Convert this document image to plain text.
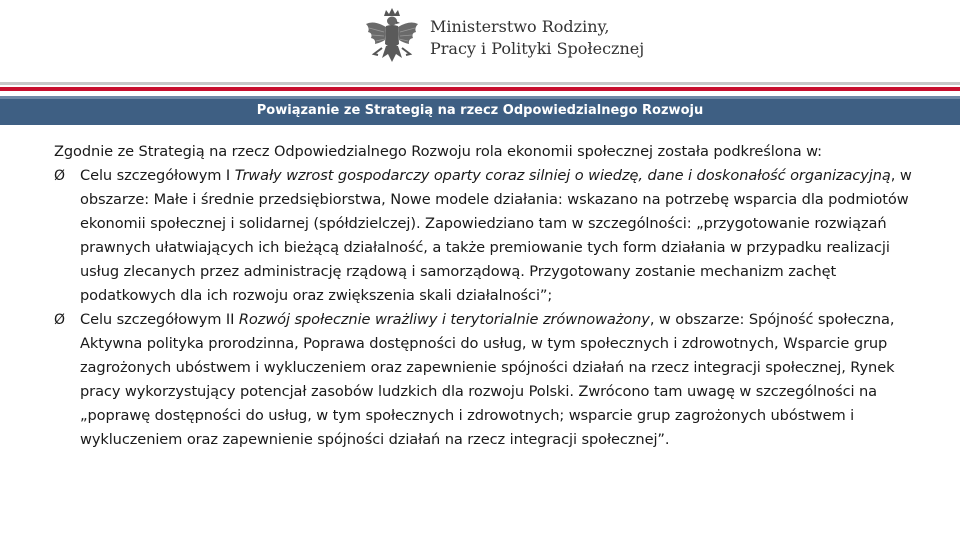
Ministerstwo Rodziny,
Pracy i Polityki Społecznej
Powiązanie ze Strategią na rzecz Odpowiedzialnego Rozwoju

Zgodnie ze Strategią na rzecz Odpowiedzialnego Rozwoju rola ekonomii społecznej została podkreślona w:

Ø Celu szczegółowym I Trwały wzrost gospodarczy oparty coraz silniej o wiedzę, dane i doskonałość organizacyjną, w obszarze: Małe i średnie przedsiębiorstwa, Nowe modele działania: wskazano na potrzebę wsparcia dla podmiotów ekonomii społecznej i solidarnej (spółdzielczej). Zapowiedziano tam w szczególności: „przygotowanie rozwiązań prawnych ułatwiających ich bieżącą działalność, a także premiowanie tych form działania w przypadku realizacji usług zlecanych przez administrację rządową i samorządową. Przygotowany zostanie mechanizm zachęt podatkowych dla ich rozwoju oraz zwiększenia skali działalności”;
Ø Celu szczegółowym II Rozwój społecznie wrażliwy i terytorialnie zrównoważony, w obszarze: Spójność społeczna, Aktywna polityka prorodzinna, Poprawa dostępności do usług, w tym społecznych i zdrowotnych, Wsparcie grup zagrożonych ubóstwem i wykluczeniem oraz zapewnienie spójności działań na rzecz integracji społecznej, Rynek pracy wykorzystujący potencjał zasobów ludzkich dla rozwoju Polski. Zwrócono tam uwagę w szczególności na „poprawę dostępności do usług, w tym społecznych i zdrowotnych; wsparcie grup zagrożonych ubóstwem i wykluczeniem oraz zapewnienie spójności działań na rzecz integracji społecznej”.
